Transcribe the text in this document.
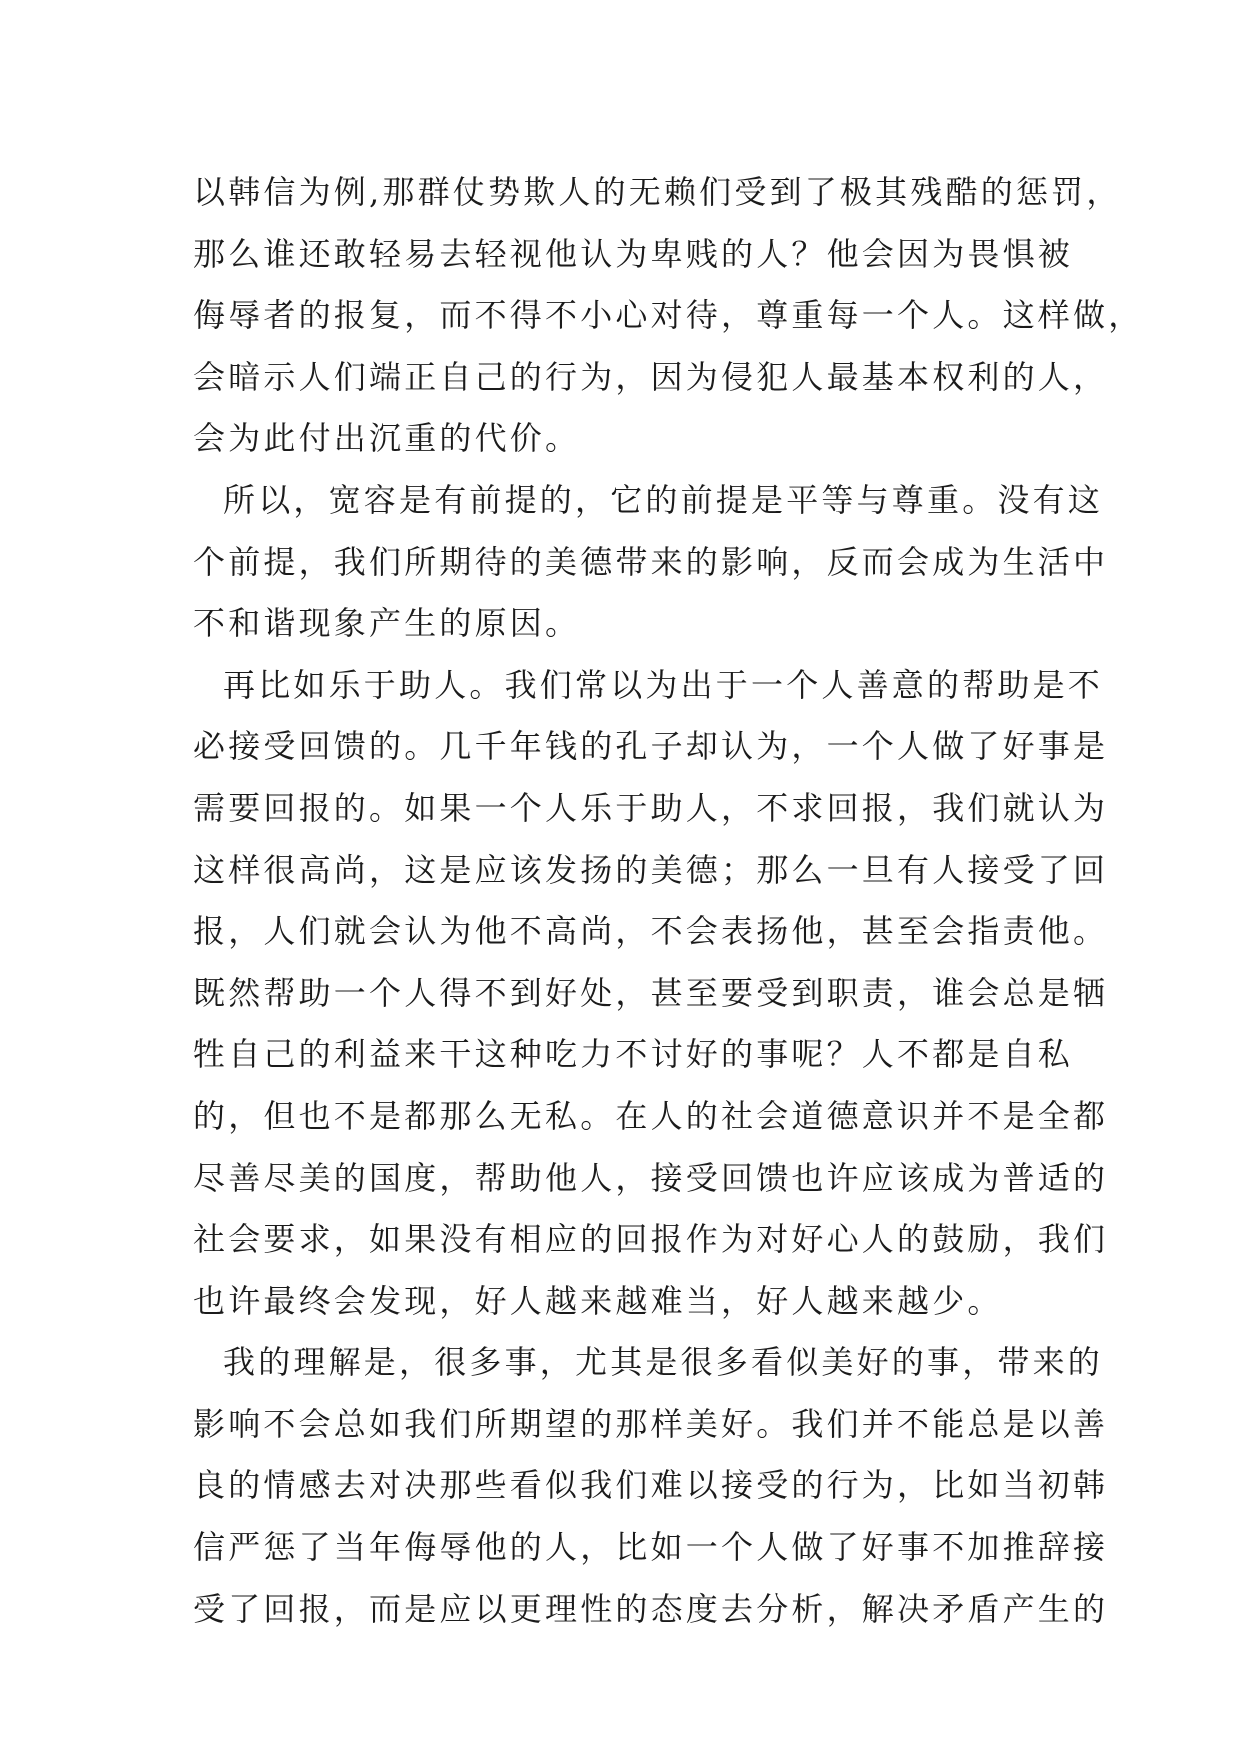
以韩信为例,那群仗势欺人的无赖们受到了极其残酷的惩罚，
那么谁还敢轻易去轻视他认为卑贱的人？他会因为畏惧被
侮辱者的报复，而不得不小心对待，尊重每一个人。这样做，
会暗示人们端正自己的行为，因为侵犯人最基本权利的人，
会为此付出沉重的代价。
所以，宽容是有前提的，它的前提是平等与尊重。没有这
个前提，我们所期待的美德带来的影响，反而会成为生活中
不和谐现象产生的原因。
再比如乐于助人。我们常以为出于一个人善意的帮助是不
必接受回馈的。几千年钱的孔子却认为，一个人做了好事是
需要回报的。如果一个人乐于助人，不求回报，我们就认为
这样很高尚，这是应该发扬的美德；那么一旦有人接受了回
报，人们就会认为他不高尚，不会表扬他，甚至会指责他。
既然帮助一个人得不到好处，甚至要受到职责，谁会总是牺
牲自己的利益来干这种吃力不讨好的事呢？人不都是自私
的，但也不是都那么无私。在人的社会道德意识并不是全都
尽善尽美的国度，帮助他人，接受回馈也许应该成为普适的
社会要求，如果没有相应的回报作为对好心人的鼓励，我们
也许最终会发现，好人越来越难当，好人越来越少。
我的理解是，很多事，尤其是很多看似美好的事，带来的
影响不会总如我们所期望的那样美好。我们并不能总是以善
良的情感去对决那些看似我们难以接受的行为，比如当初韩
信严惩了当年侮辱他的人，比如一个人做了好事不加推辞接
受了回报，而是应以更理性的态度去分析，解决矛盾产生的
